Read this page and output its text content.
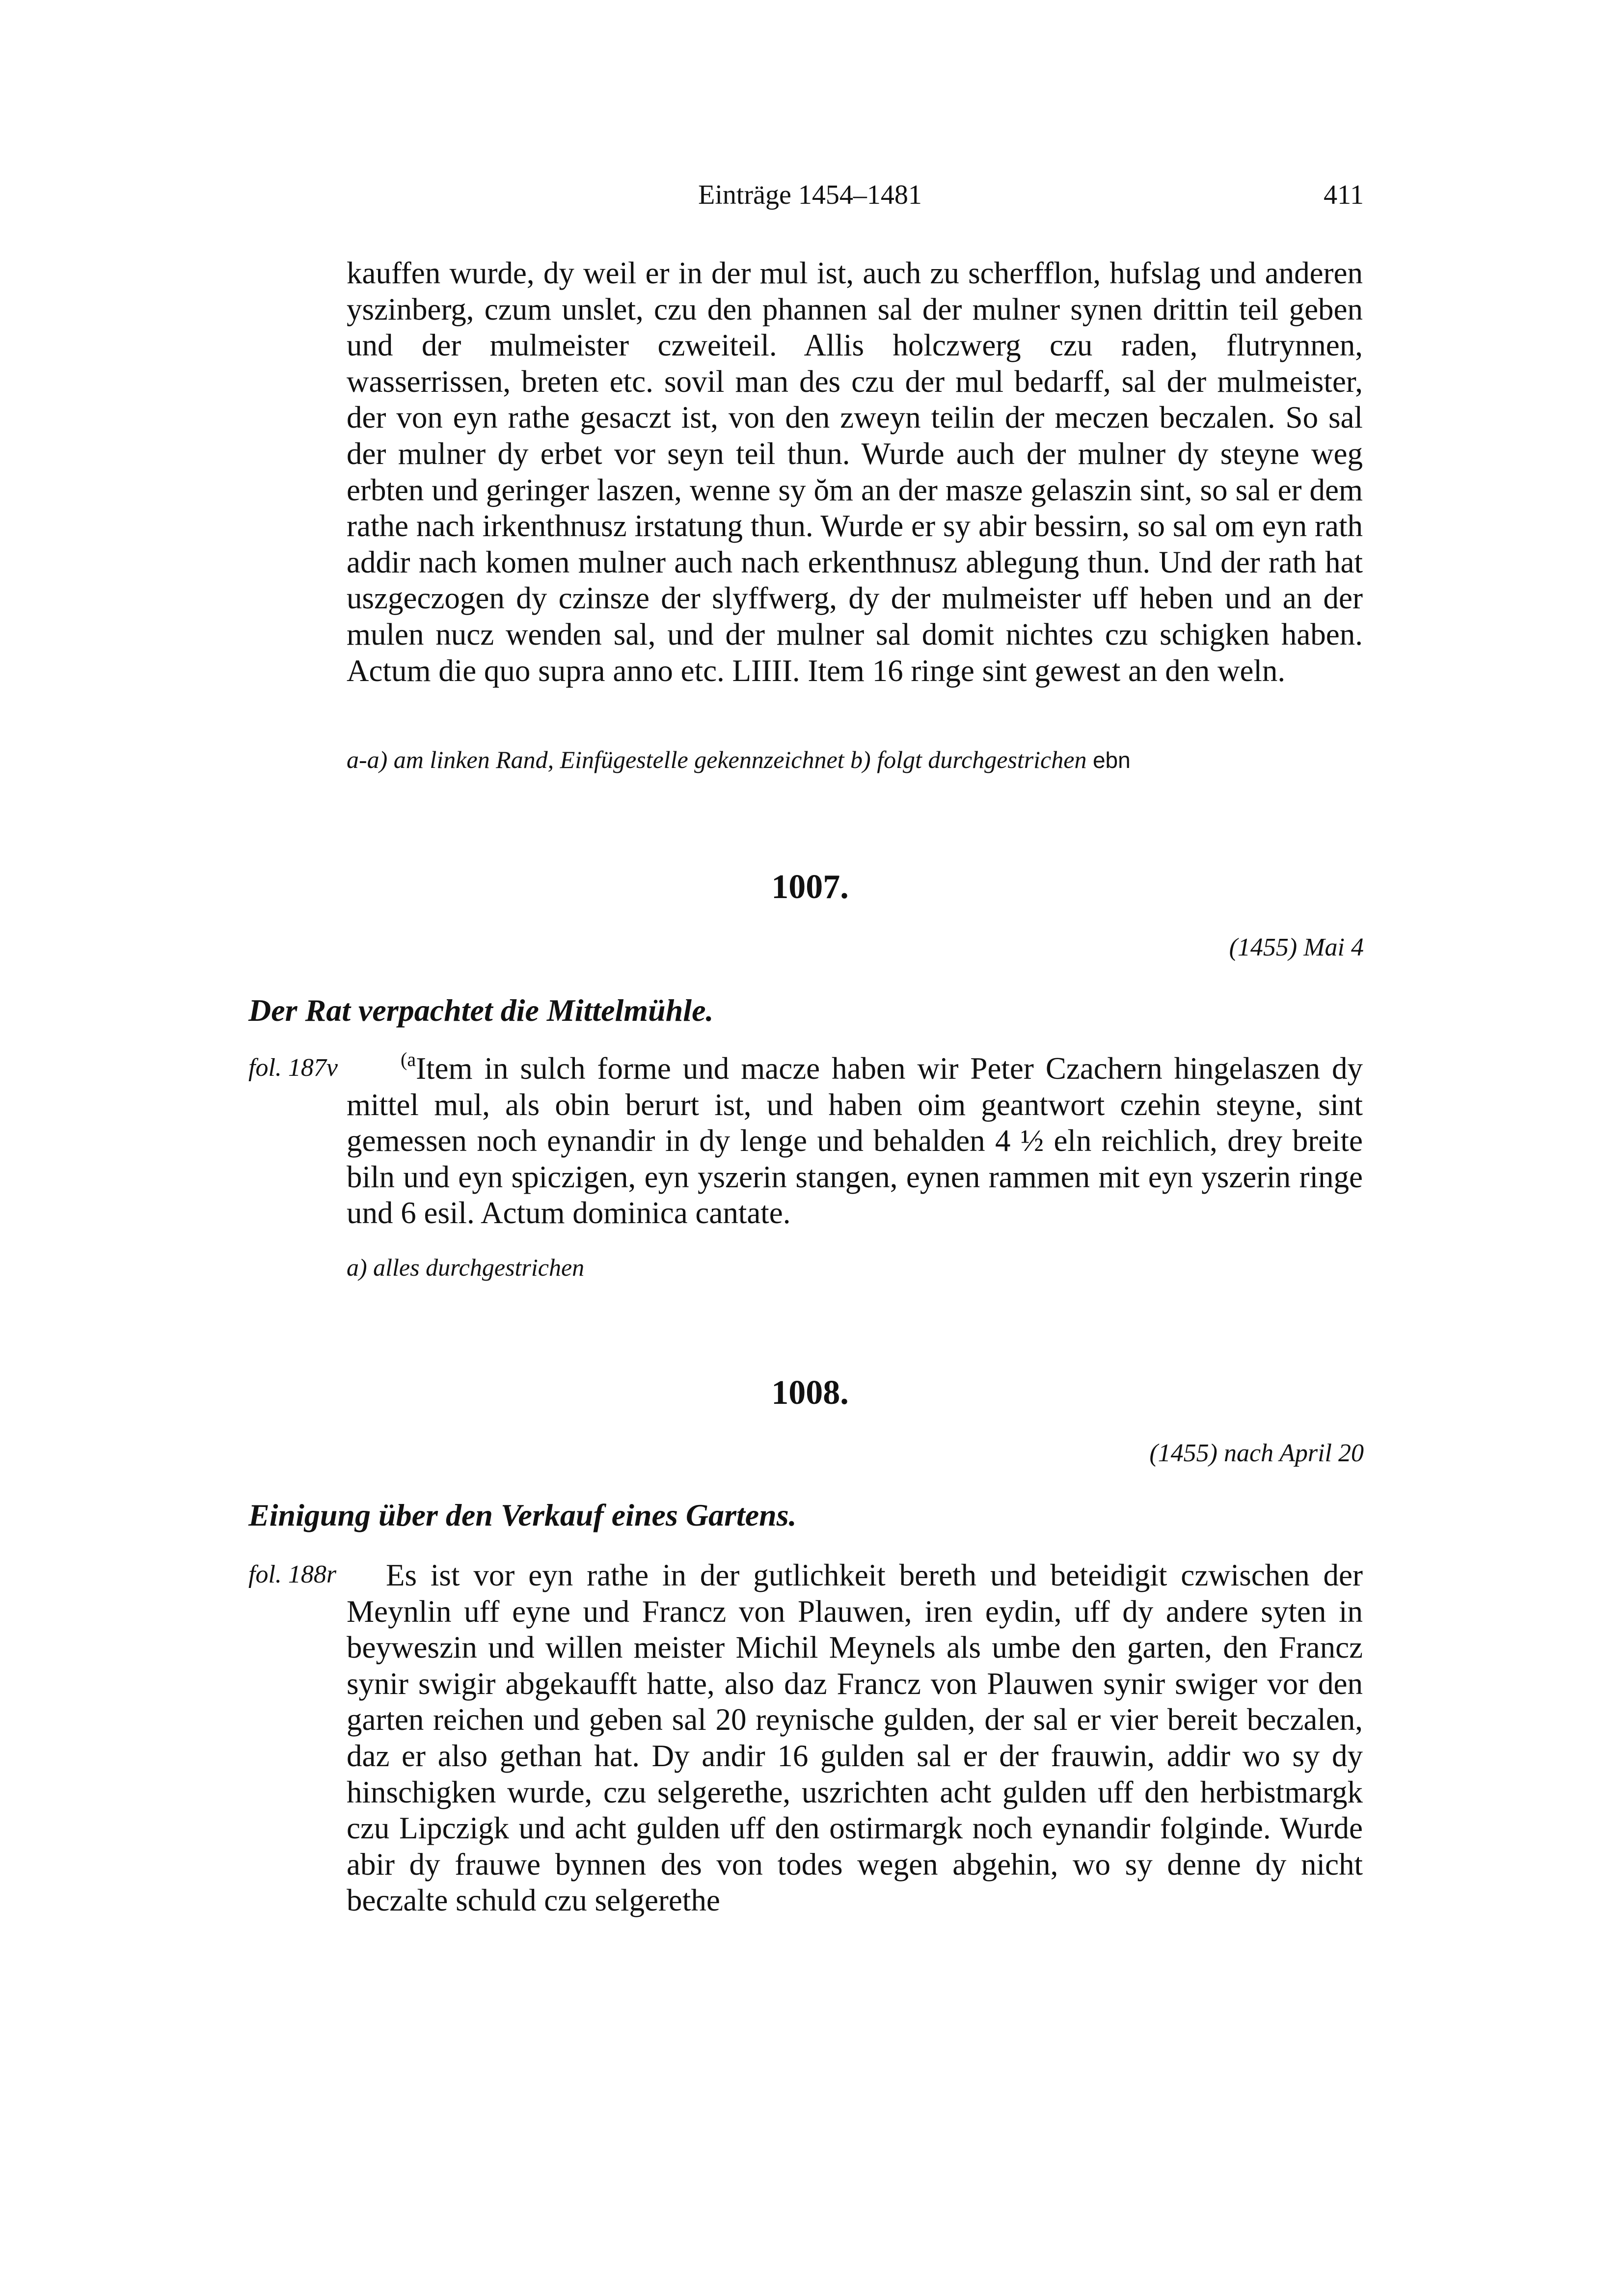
Einträge 1454–1481	411

kauffen wurde, dy weil er in der mul ist, auch zu scherfflon, hufslag und anderen yszinberg, czum unslet, czu den phannen sal der mulner synen drittin teil geben und der mulmeister czweiteil. Allis holczwerg czu raden, flutrynnen, wasserrissen, breten etc. sovil man des czu der mul bedarff, sal der mulmeister, der von eyn rathe gesaczt ist, von den zweyn teilin der meczen beczalen. So sal der mulner dy erbet vor seyn teil thun. Wurde auch der mulner dy steyne weg erbten und geringer laszen, wenne sy ŏm an der masze gelaszin sint, so sal er dem rathe nach irkenthnusz irstatung thun. Wurde er sy abir bessirn, so sal om eyn rath addir nach komen mulner auch nach erkenthnusz ablegung thun. Und der rath hat uszgeczogen dy czinsze der slyffwerg, dy der mulmeister uff heben und an der mulen nucz wenden sal, und der mulner sal domit nichtes czu schigken haben. Actum die quo supra anno etc. LIIII. Item 16 ringe sint gewest an den weln.

a-a) am linken Rand, Einfügestelle gekennzeichnet b) folgt durchgestrichen ebn

1007.
(1455) Mai 4
Der Rat verpachtet die Mittelmühle.
fol. 187v	$^{(a}$Item in sulch forme und macze haben wir Peter Czachern hingelaszen dy mittel mul, als obin berurt ist, und haben oim geantwort czehin steyne, sint gemessen noch eynandir in dy lenge und behalden 4 ½ eln reichlich, drey breite biln und eyn spiczigen, eyn yszerin stangen, eynen rammen mit eyn yszerin ringe und 6 esil. Actum dominica cantate.

a) alles durchgestrichen

1008.
(1455) nach April 20
Einigung über den Verkauf eines Gartens.
fol. 188r	Es ist vor eyn rathe in der gutlichkeit bereth und beteidigit czwischen der Meynlin uff eyne und Francz von Plauwen, iren eydin, uff dy andere syten in beyweszin und willen meister Michil Meynels als umbe den garten, den Francz synir swigir abgekaufft hatte, also daz Francz von Plauwen synir swiger vor den garten reichen und geben sal 20 reynische gulden, der sal er vier bereit beczalen, daz er also gethan hat. Dy andir 16 gulden sal er der frauwin, addir wo sy dy hinschigken wurde, czu selgerethe, uszrichten acht gulden uff den herbistmargk czu Lipczigk und acht gulden uff den ostirmargk noch eynandir folginde. Wurde abir dy frauwe bynnen des von todes wegen abgehin, wo sy denne dy nicht beczalte schuld czu selgerethe
